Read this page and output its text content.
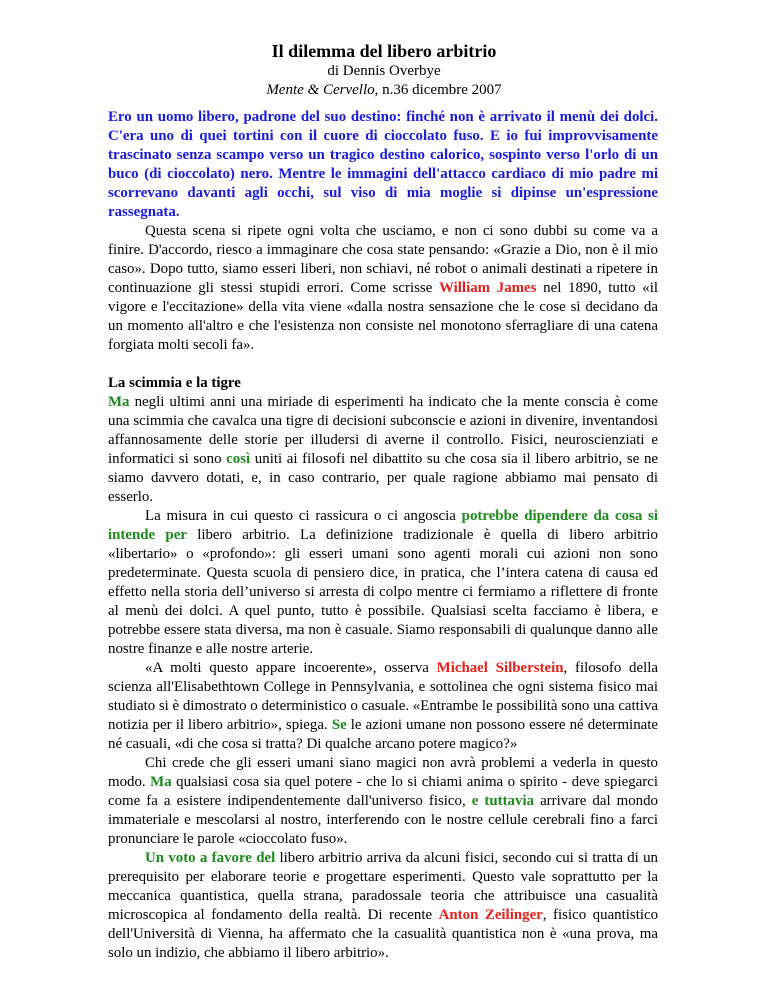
Il dilemma del libero arbitrio

di Dennis Overbye

Mente & Cervello, n.36 dicembre 2007

Ero un uomo libero, padrone del suo destino: finché non è arrivato il menù dei dolci. C'era uno di quei tortini con il cuore di cioccolato fuso. E io fui improvvisamente trascinato senza scampo verso un tragico destino calorico, sospinto verso l'orlo di un buco (di cioccolato) nero. Mentre le immagini dell'attacco cardiaco di mio padre mi scorrevano davanti agli occhi, sul viso di mia moglie si dipinse un'espressione rassegnata.

Questa scena si ripete ogni volta che usciamo, e non ci sono dubbi su come va a finire. D'accordo, riesco a immaginare che cosa state pensando: «Grazie a Dio, non è il mio caso». Dopo tutto, siamo esseri liberi, non schiavi, né robot o animali destinati a ripetere in continuazione gli stessi stupidi errori. Come scrisse William James nel 1890, tutto «il vigore e l'eccitazione» della vita viene «dalla nostra sensazione che le cose si decidano da un momento all'altro e che l'esistenza non consiste nel monotono sferragliare di una catena forgiata molti secoli fa».

La scimmia e la tigre

Ma negli ultimi anni una miriade di esperimenti ha indicato che la mente conscia è come una scimmia che cavalca una tigre di decisioni subconscie e azioni in divenire, inventandosi affannosamente delle storie per illudersi di averne il controllo. Fisici, neuroscienziati e informatici si sono così uniti ai filosofi nel dibattito su che cosa sia il libero arbitrio, se ne siamo davvero dotati, e, in caso contrario, per quale ragione abbiamo mai pensato di esserlo.

La misura in cui questo ci rassicura o ci angoscia potrebbe dipendere da cosa si intende per libero arbitrio. La definizione tradizionale è quella di libero arbitrio «libertario» o «profondo»: gli esseri umani sono agenti morali cui azioni non sono predeterminate. Questa scuola di pensiero dice, in pratica, che l’intera catena di causa ed effetto nella storia dell’universo si arresta di colpo mentre ci fermiamo a riflettere di fronte al menù dei dolci. A quel punto, tutto è possibile. Qualsiasi scelta facciamo è libera, e potrebbe essere stata diversa, ma non è casuale. Siamo responsabili di qualunque danno alle nostre finanze e alle nostre arterie.

«A molti questo appare incoerente», osserva Michael Silberstein, filosofo della scienza all'Elisabethtown College in Pennsylvania, e sottolinea che ogni sistema fisico mai studiato si è dimostrato o deterministico o casuale. «Entrambe le possibilità sono una cattiva notizia per il libero arbitrio», spiega. Se le azioni umane non possono essere né determinate né casuali, «di che cosa si tratta? Di qualche arcano potere magico?»

Chi crede che gli esseri umani siano magici non avrà problemi a vederla in questo modo. Ma qualsiasi cosa sia quel potere - che lo si chiami anima o spirito - deve spiegarci come fa a esistere indipendentemente dall'universo fisico, e tuttavia arrivare dal mondo immateriale e mescolarsi al nostro, interferendo con le nostre cellule cerebrali fino a farci pronunciare le parole «cioccolato fuso».

Un voto a favore del libero arbitrio arriva da alcuni fisici, secondo cui si tratta di un prerequisito per elaborare teorie e progettare esperimenti. Questo vale soprattutto per la meccanica quantistica, quella strana, paradossale teoria che attribuisce una casualità microscopica al fondamento della realtà. Di recente Anton Zeilinger, fisico quantistico dell'Università di Vienna, ha affermato che la casualità quantistica non è «una prova, ma solo un indizio, che abbiamo il libero arbitrio».
